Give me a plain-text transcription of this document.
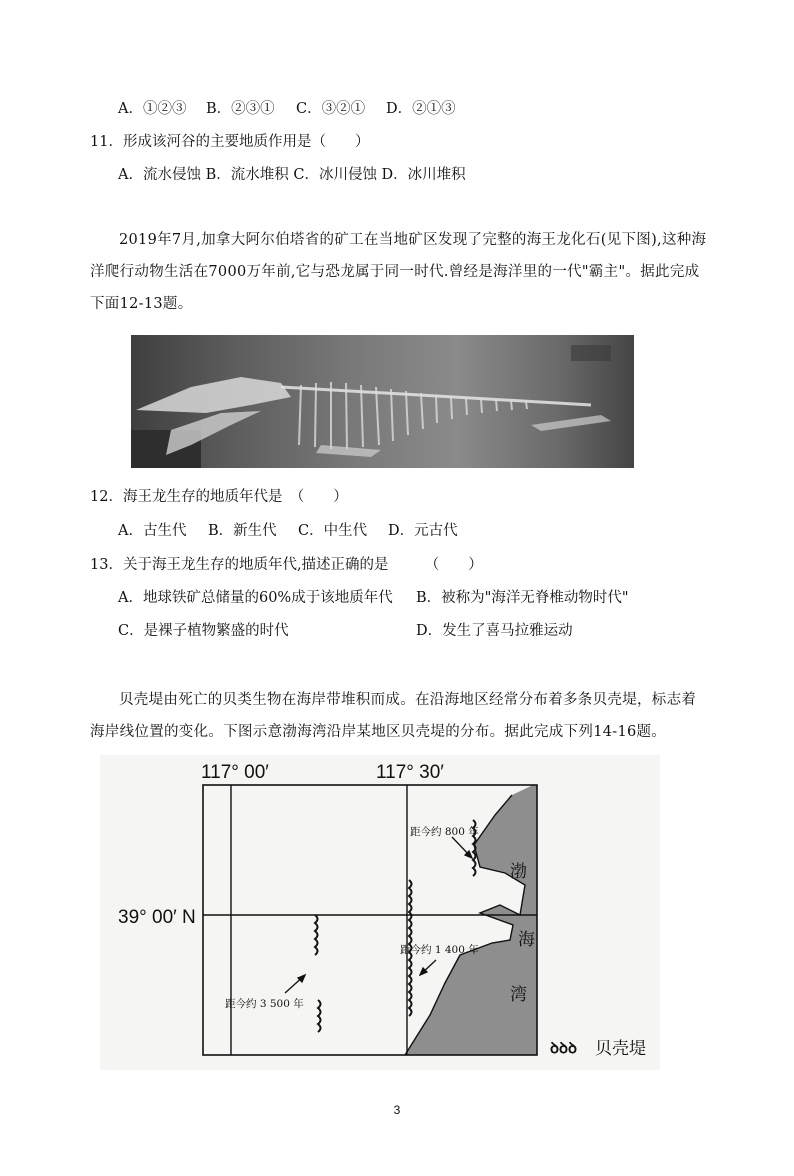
A．①②③ B．②③① C．③②① D．②①③
11．形成该河谷的主要地质作用是（　　）
A．流水侵蚀 B．流水堆积 C．冰川侵蚀 D．冰川堆积
2019年7月,加拿大阿尔伯塔省的矿工在当地矿区发现了完整的海王龙化石(见下图),这种海洋爬行动物生活在7000万年前,它与恐龙属于同一时代.曾经是海洋里的一代"霸主"。据此完成下面12-13题。
12．海王龙生存的地质年代是　（　　）
A．古生代 B．新生代 C．中生代 D．元古代
13．关于海王龙生存的地质年代,描述正确的是　　　（　　）
A．地球铁矿总储量的60%成于该地质年代 B．被称为"海洋无脊椎动物时代"
C．是裸子植物繁盛的时代	D．发生了喜马拉雅运动
贝壳堤由死亡的贝类生物在海岸带堆积而成。在沿海地区经常分布着多条贝壳堤，标志着海岸线位置的变化。下图示意渤海湾沿岸某地区贝壳堤的分布。据此完成下列14-16题。
117° 00′	117° 30′
39° 00′ N
距今约 800 年
距今约 1 400 年
距今约 3 500 年
渤
海
湾
ꝺꝺꝺ 贝壳堤
3
